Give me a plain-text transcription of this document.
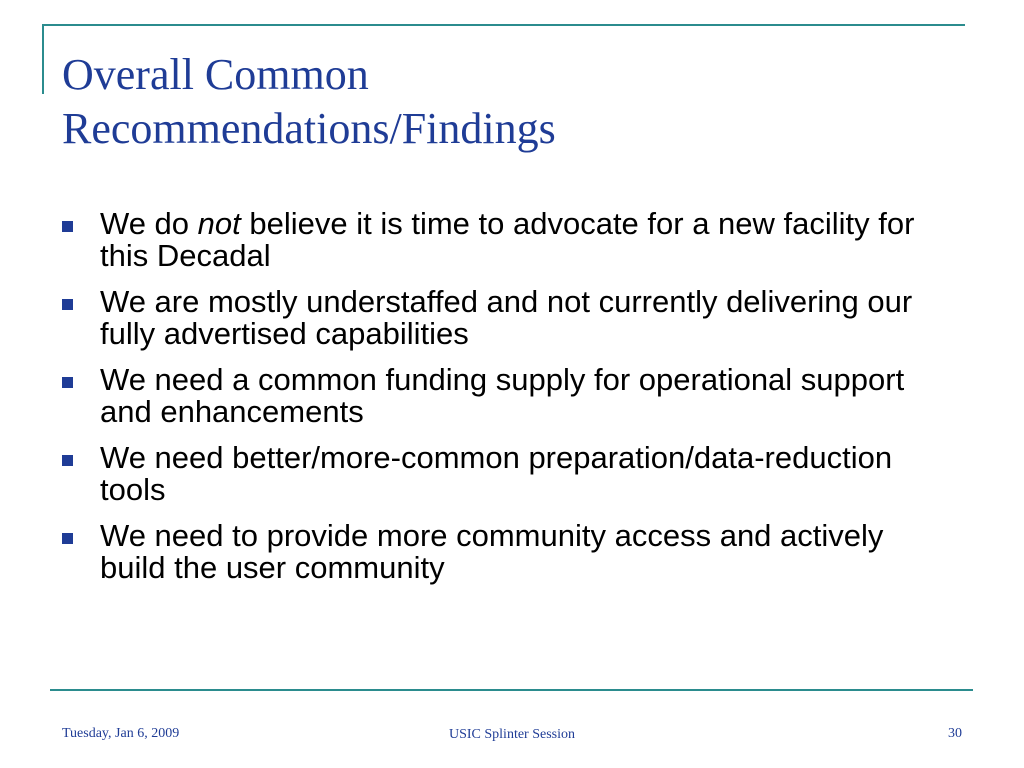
Overall Common
Recommendations/Findings
We do not believe it is time to advocate for a new facility for this Decadal
We are mostly understaffed and not currently delivering our fully advertised capabilities
We need a common funding supply for operational support and enhancements
We need better/more-common preparation/data-reduction tools
We need to provide more community access and actively build the user community
Tuesday, Jan 6, 2009	USIC Splinter Session	30
